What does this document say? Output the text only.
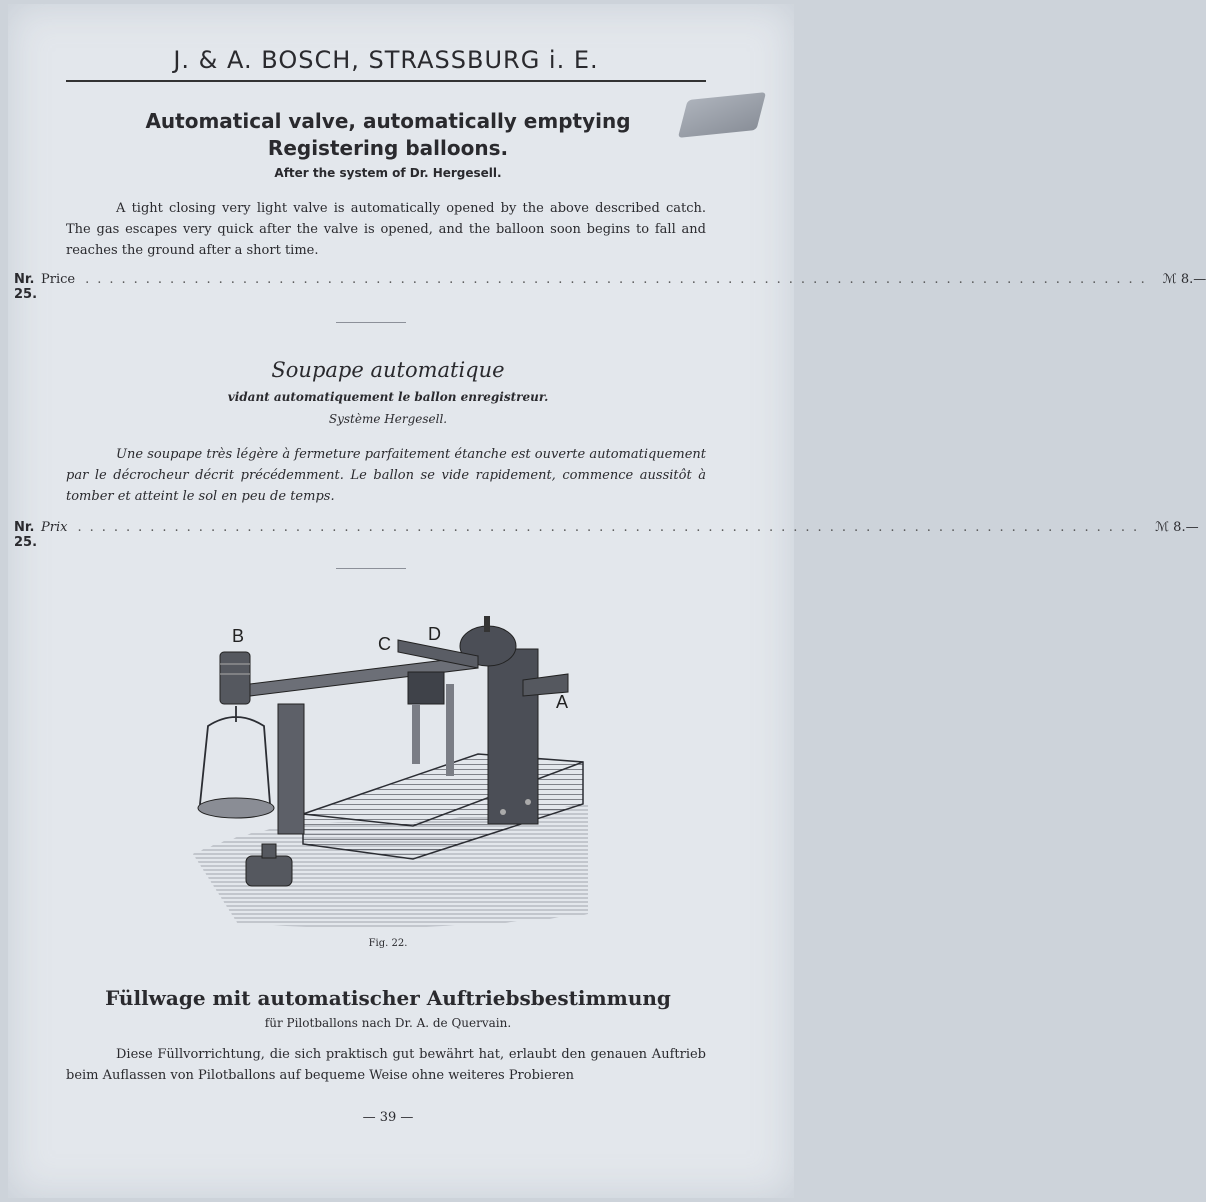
J. & A. BOSCH, STRASSBURG i. E.
Automatical valve, automatically emptying
Registering balloons.
After the system of Dr. Hergesell.
A tight closing very light valve is automatically opened by the above described catch. The gas escapes very quick after the valve is opened, and the balloon soon begins to fall and reaches the ground after a short time.
Nr. 25.
Price ........................................................................................ ℳ 8.—
Soupape automatique
vidant automatiquement le ballon enregistreur.
Système Hergesell.
Une soupape très légère à fermeture parfaitement étanche est ouverte automatiquement par le décrocheur décrit précédemment. Le ballon se vide rapidement, commence aussitôt à tomber et atteint le sol en peu de temps.
Nr. 25.
Prix ........................................................................................ ℳ 8.—
B	C D
A
Fig. 22.
Füllwage mit automatischer Auftriebsbestimmung
für Pilotballons nach Dr. A. de Quervain.
Diese Füllvorrichtung, die sich praktisch gut bewährt hat, erlaubt den genauen Auftrieb beim Auflassen von Pilotballons auf bequeme Weise ohne weiteres Probieren
— 39 —
